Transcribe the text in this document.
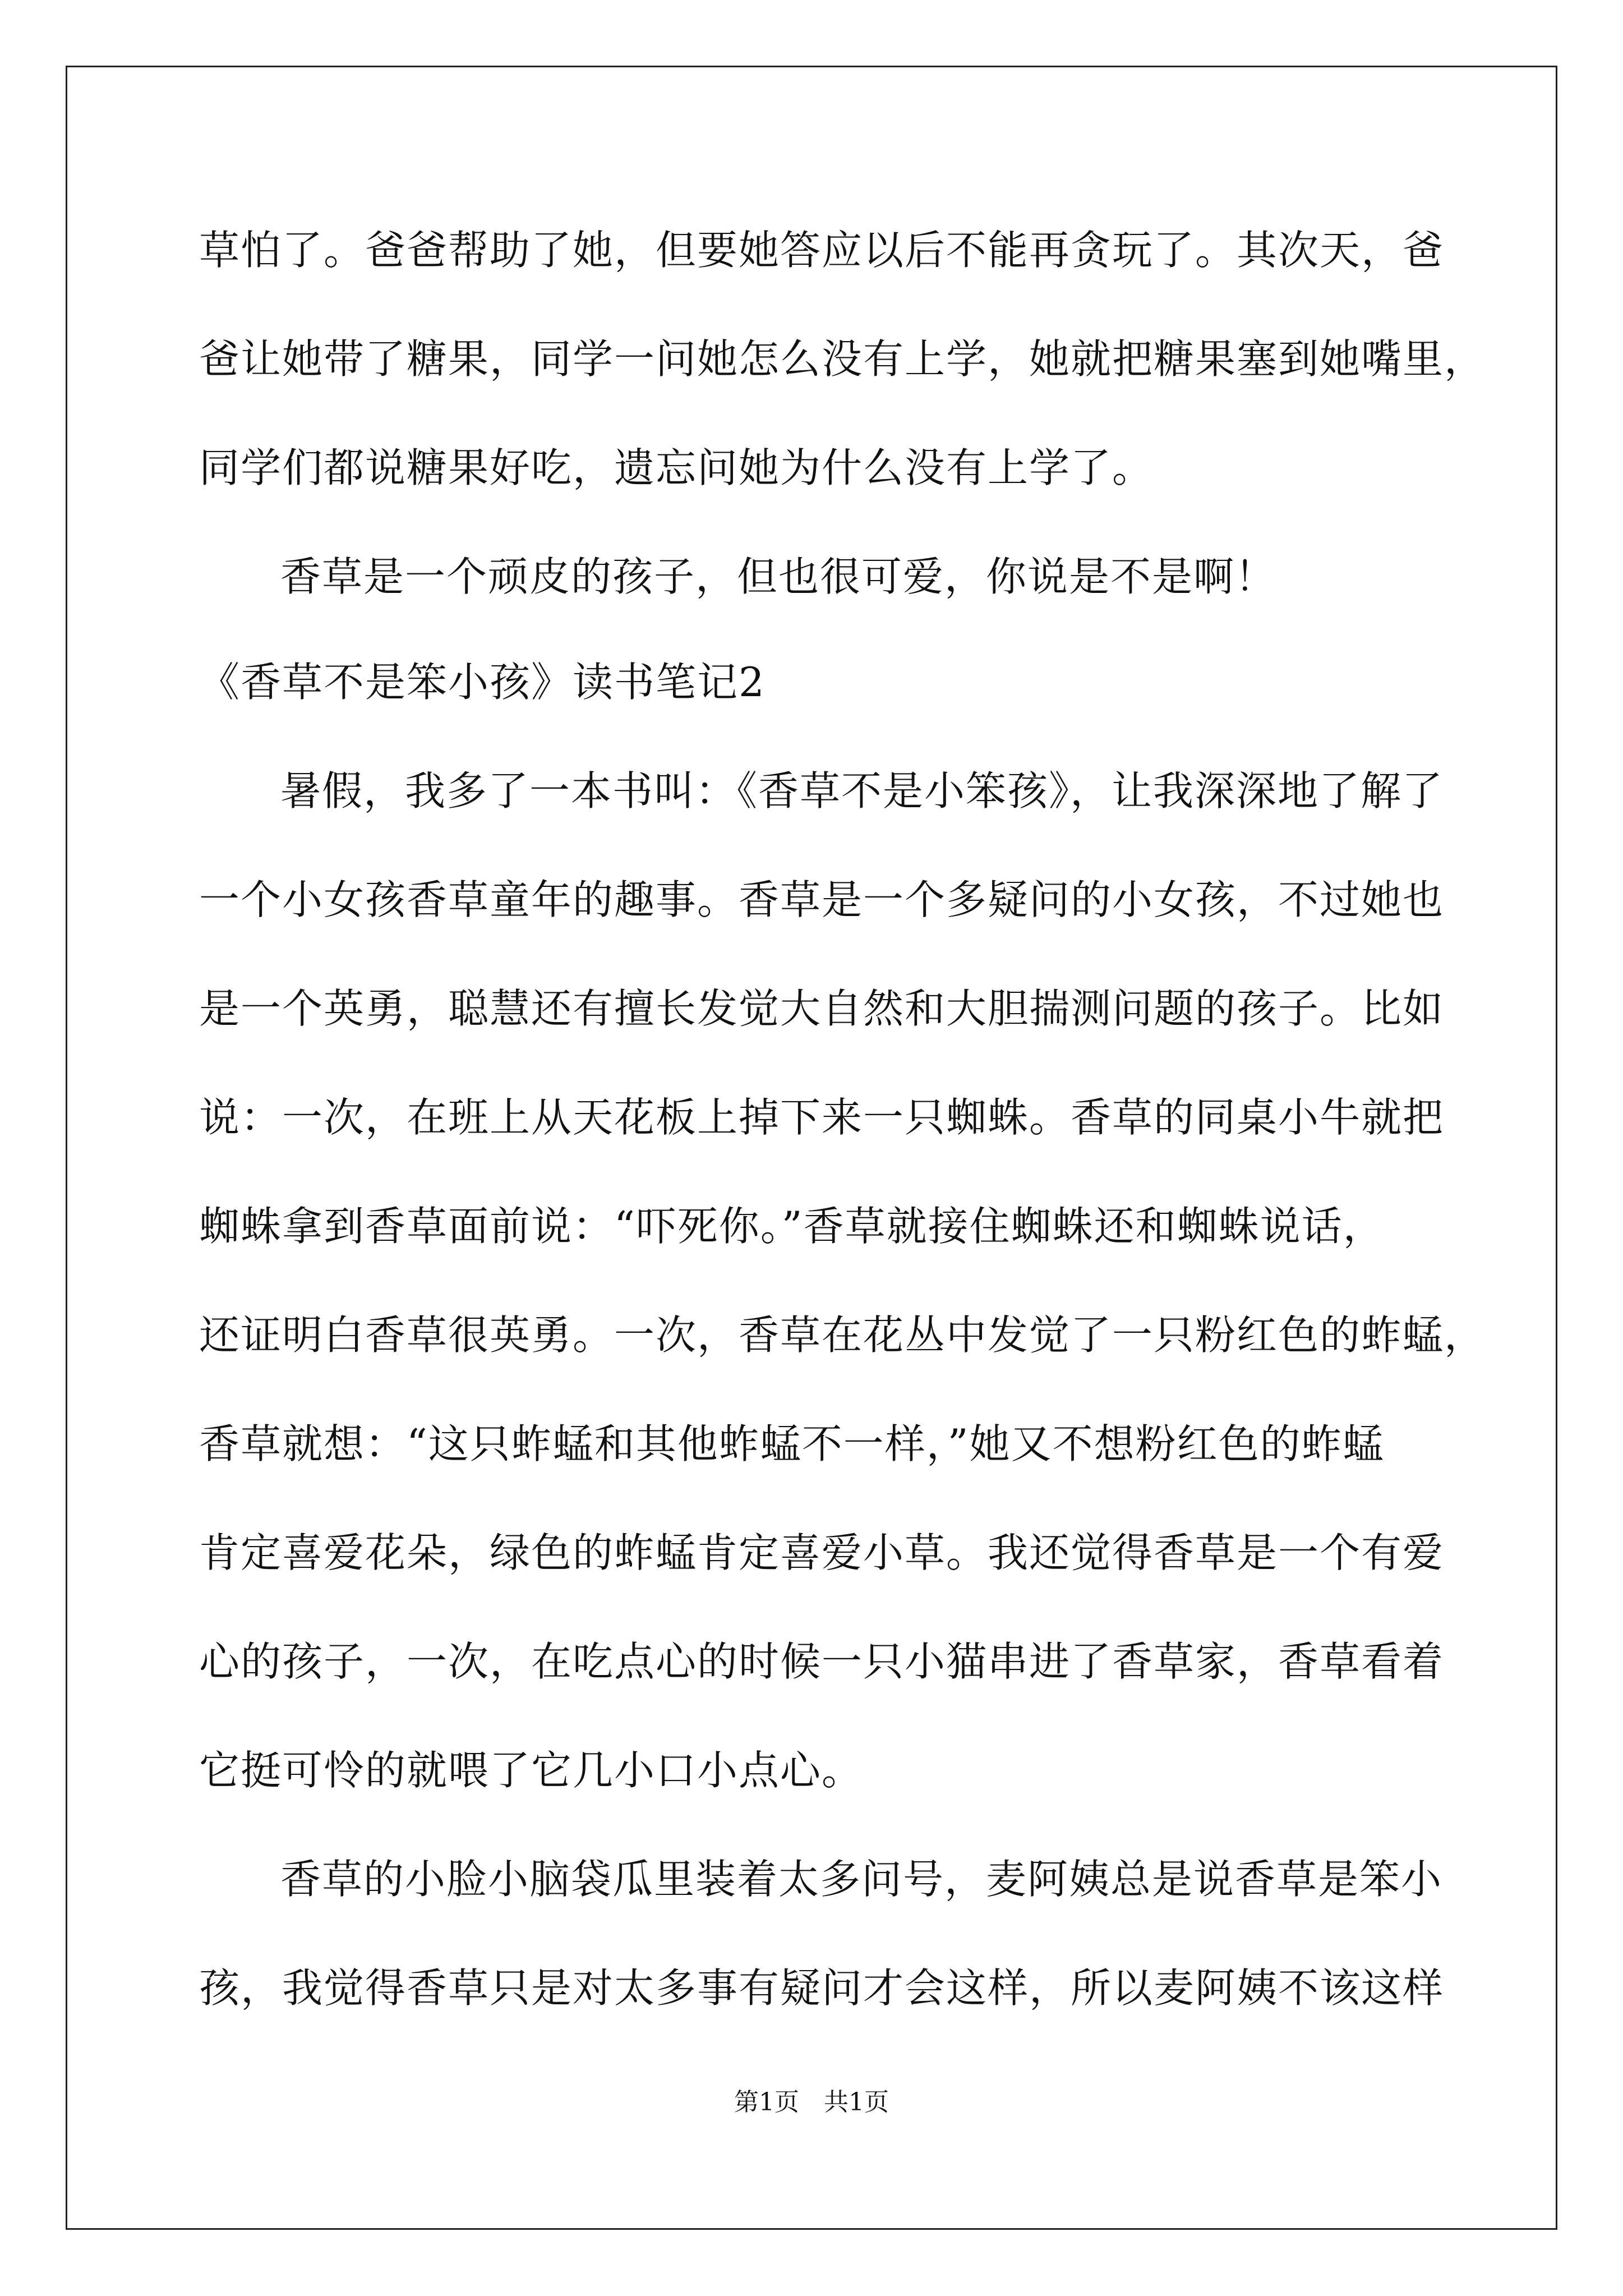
草怕了。爸爸帮助了她，但要她答应以后不能再贪玩了。其次天，爸
爸让她带了糖果，同学一问她怎么没有上学，她就把糖果塞到她嘴里，
同学们都说糖果好吃，遗忘问她为什么没有上学了。
香草是一个顽皮的孩子，但也很可爱，你说是不是啊！
《香草不是笨小孩》读书笔记2
暑假，我多了一本书叫：《香草不是小笨孩》，让我深深地了解了
一个小女孩香草童年的趣事。香草是一个多疑问的小女孩，不过她也
是一个英勇，聪慧还有擅长发觉大自然和大胆揣测问题的孩子。比如
说：一次，在班上从天花板上掉下来一只蜘蛛。香草的同桌小牛就把
蜘蛛拿到香草面前说：“吓死你。”香草就接住蜘蛛还和蜘蛛说话，
还证明白香草很英勇。一次，香草在花丛中发觉了一只粉红色的蚱蜢，
香草就想：“这只蚱蜢和其他蚱蜢不一样，”她又不想粉红色的蚱蜢
肯定喜爱花朵，绿色的蚱蜢肯定喜爱小草。我还觉得香草是一个有爱
心的孩子，一次，在吃点心的时候一只小猫串进了香草家，香草看着
它挺可怜的就喂了它几小口小点心。
香草的小脸小脑袋瓜里装着太多问号，麦阿姨总是说香草是笨小
孩，我觉得香草只是对太多事有疑问才会这样，所以麦阿姨不该这样
第1页　共1页
